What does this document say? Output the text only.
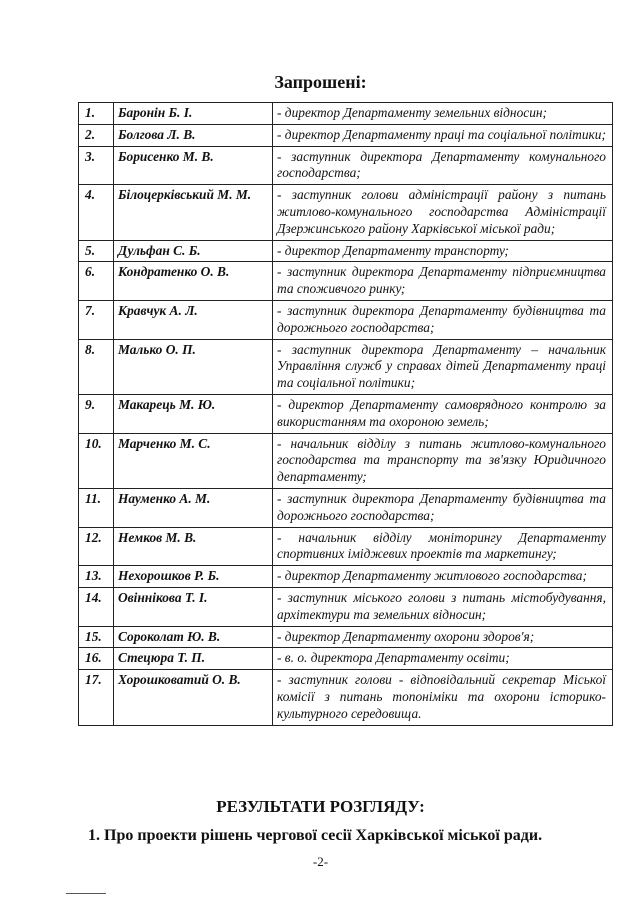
Запрошені:
1.	Баронін Б. І.	- директор Департаменту земельних відносин;
2.	Болгова Л. В.	- директор Департаменту праці та соціальної політики;
3.	Борисенко М. В.	- заступник директора Департаменту комунального господарства;
4.	Білоцерківський М. М.	- заступник голови адміністрації району з питань житлово-комунального господарства Адміністрації Дзержинського району Харківської міської ради;
5.	Дульфан С. Б.	- директор Департаменту транспорту;
6.	Кондратенко О. В.	- заступник директора Департаменту підприємництва та споживчого ринку;
7.	Кравчук А. Л.	- заступник директора Департаменту будівництва та дорожнього господарства;
8.	Малько О. П.	- заступник директора Департаменту – начальник Управління служб у справах дітей Департаменту праці та соціальної політики;
9.	Макарець М. Ю.	- директор Департаменту самоврядного контролю за використанням та охороною земель;
10.	Марченко М. С.	- начальник відділу з питань житлово-комунального господарства та транспорту та зв'язку Юридичного департаменту;
11.	Науменко А. М.	- заступник директора Департаменту будівництва та дорожнього господарства;
12.	Немков М. В.	- начальник відділу моніторингу Департаменту спортивних іміджевих проектів та маркетингу;
13.	Нехорошков Р. Б.	- директор Департаменту житлового господарства;
14.	Овіннікова Т. І.	- заступник міського голови з питань містобудування, архітектури та земельних відносин;
15.	Сороколат Ю. В.	- директор Департаменту охорони здоров'я;
16.	Стецюра Т. П.	- в. о. директора Департаменту освіти;
17.	Хорошковатий О. В.	- заступник голови - відповідальний секретар Міської комісії з питань топоніміки та охорони історико-культурного середовища.
РЕЗУЛЬТАТИ РОЗГЛЯДУ:
1. Про проекти рішень чергової сесії Харківської міської ради.
-2-
